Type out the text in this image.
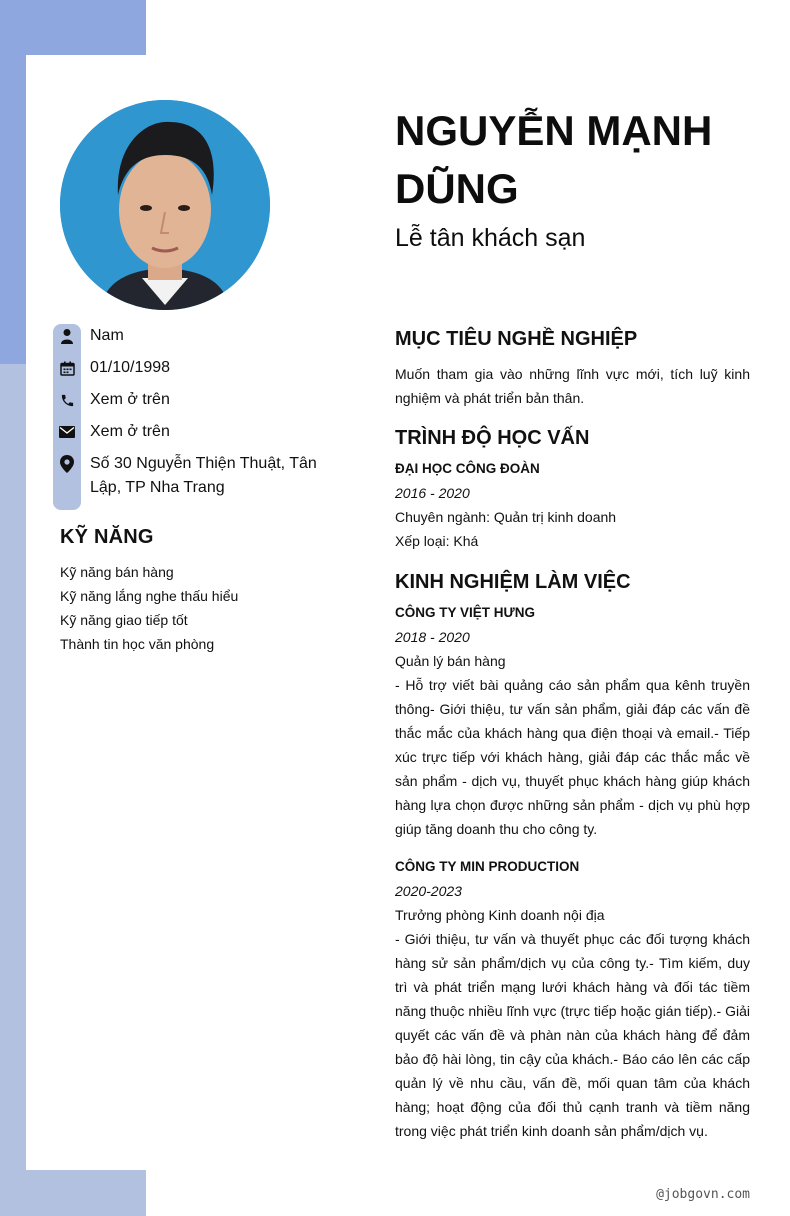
NGUYỄN MẠNH DŨNG
Lễ tân khách sạn
Nam
01/10/1998
Xem ở trên
Xem ở trên
Số 30 Nguyễn Thiện Thuật, Tân Lập, TP Nha Trang
KỸ NĂNG
Kỹ năng bán hàng
Kỹ năng lắng nghe thấu hiểu
Kỹ năng giao tiếp tốt
Thành tin học văn phòng
MỤC TIÊU NGHỀ NGHIỆP
Muốn tham gia vào những lĩnh vực mới, tích luỹ kinh nghiệm và phát triển bản thân.
TRÌNH ĐỘ HỌC VẤN
ĐẠI HỌC CÔNG ĐOÀN
2016 - 2020
Chuyên ngành: Quản trị kinh doanh
Xếp loại: Khá
KINH NGHIỆM LÀM VIỆC
CÔNG TY VIỆT HƯNG
2018 - 2020
Quản lý bán hàng
- Hỗ trợ viết bài quảng cáo sản phẩm qua kênh truyền thông- Giới thiệu, tư vấn sản phẩm, giải đáp các vấn đề thắc mắc của khách hàng qua điện thoại và email.- Tiếp xúc trực tiếp với khách hàng, giải đáp các thắc mắc về sản phẩm - dịch vụ, thuyết phục khách hàng giúp khách hàng lựa chọn được những sản phẩm - dịch vụ phù hợp giúp tăng doanh thu cho công ty.
CÔNG TY MIN PRODUCTION
2020-2023
Trưởng phòng Kinh doanh nội địa
- Giới thiệu, tư vấn và thuyết phục các đối tượng khách hàng sử sản phẩm/dịch vụ của công ty.- Tìm kiếm, duy trì và phát triển mạng lưới khách hàng và đối tác tiềm năng thuộc nhiều lĩnh vực (trực tiếp hoặc gián tiếp).- Giải quyết các vấn đề và phàn nàn của khách hàng để đảm bảo độ hài lòng, tin cậy của khách.- Báo cáo lên các cấp quản lý về nhu cầu, vấn đề, mối quan tâm của khách hàng; hoạt động của đối thủ cạnh tranh và tiềm năng trong việc phát triển kinh doanh sản phẩm/dịch vụ.
@jobgovn.com
